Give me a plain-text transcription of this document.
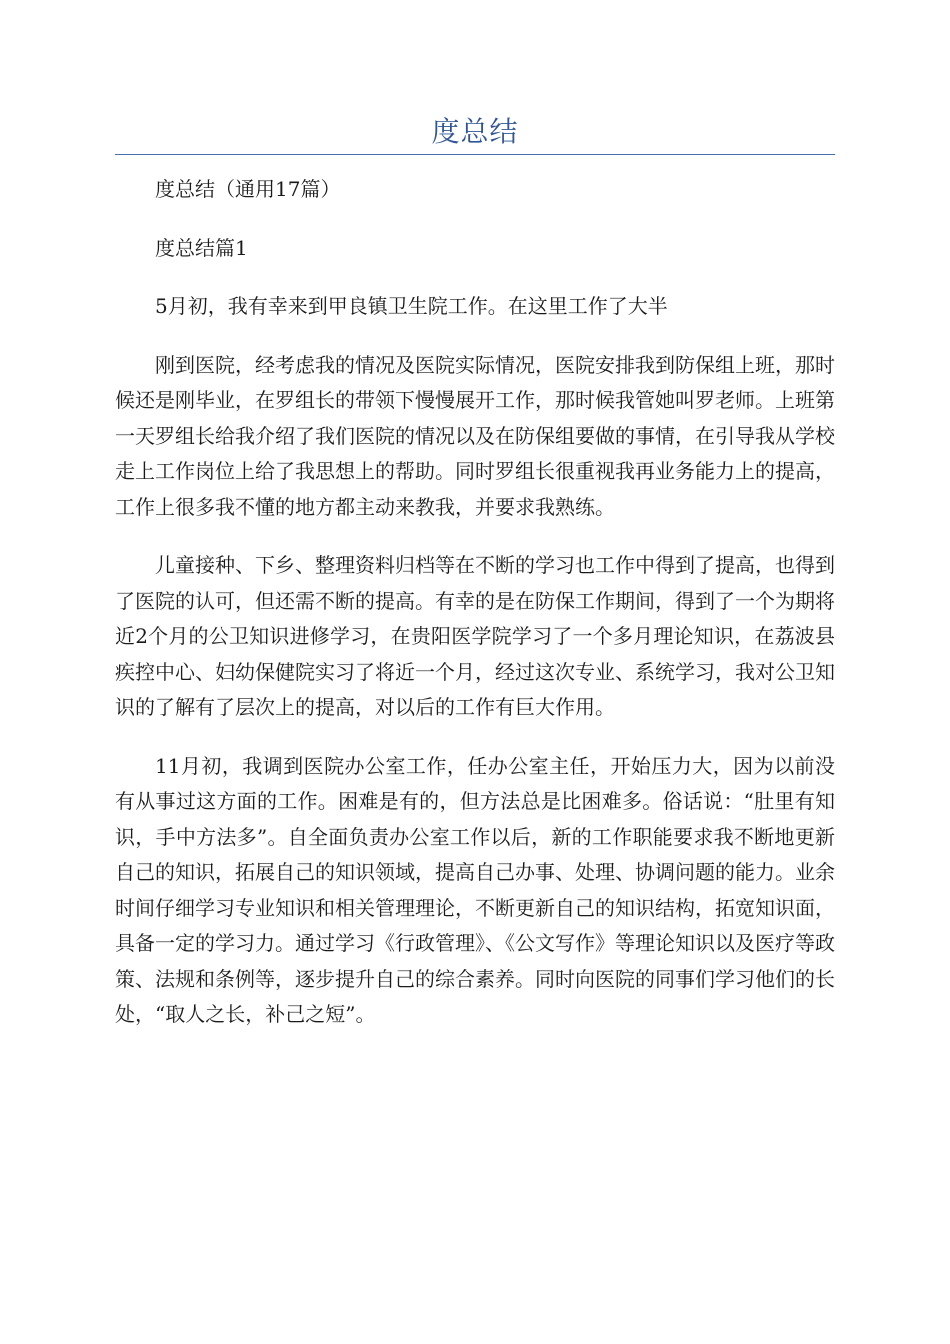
度总结

度总结（通用17篇）

度总结篇1

5月初，我有幸来到甲良镇卫生院工作。在这里工作了大半

刚到医院，经考虑我的情况及医院实际情况，医院安排我到防保组上班，那时候还是刚毕业，在罗组长的带领下慢慢展开工作，那时候我管她叫罗老师。上班第一天罗组长给我介绍了我们医院的情况以及在防保组要做的事情，在引导我从学校走上工作岗位上给了我思想上的帮助。同时罗组长很重视我再业务能力上的提高，工作上很多我不懂的地方都主动来教我，并要求我熟练。

儿童接种、下乡、整理资料归档等在不断的学习也工作中得到了提高，也得到了医院的认可，但还需不断的提高。有幸的是在防保工作期间，得到了一个为期将近2个月的公卫知识进修学习，在贵阳医学院学习了一个多月理论知识，在荔波县疾控中心、妇幼保健院实习了将近一个月，经过这次专业、系统学习，我对公卫知识的了解有了层次上的提高，对以后的工作有巨大作用。

11月初，我调到医院办公室工作，任办公室主任，开始压力大，因为以前没有从事过这方面的工作。困难是有的，但方法总是比困难多。俗话说：“肚里有知识，手中方法多”。自全面负责办公室工作以后，新的工作职能要求我不断地更新自己的知识，拓展自己的知识领域，提高自己办事、处理、协调问题的能力。业余时间仔细学习专业知识和相关管理理论，不断更新自己的知识结构，拓宽知识面，具备一定的学习力。通过学习《行政管理》、《公文写作》等理论知识以及医疗等政策、法规和条例等，逐步提升自己的综合素养。同时向医院的同事们学习他们的长处，“取人之长，补己之短”。
